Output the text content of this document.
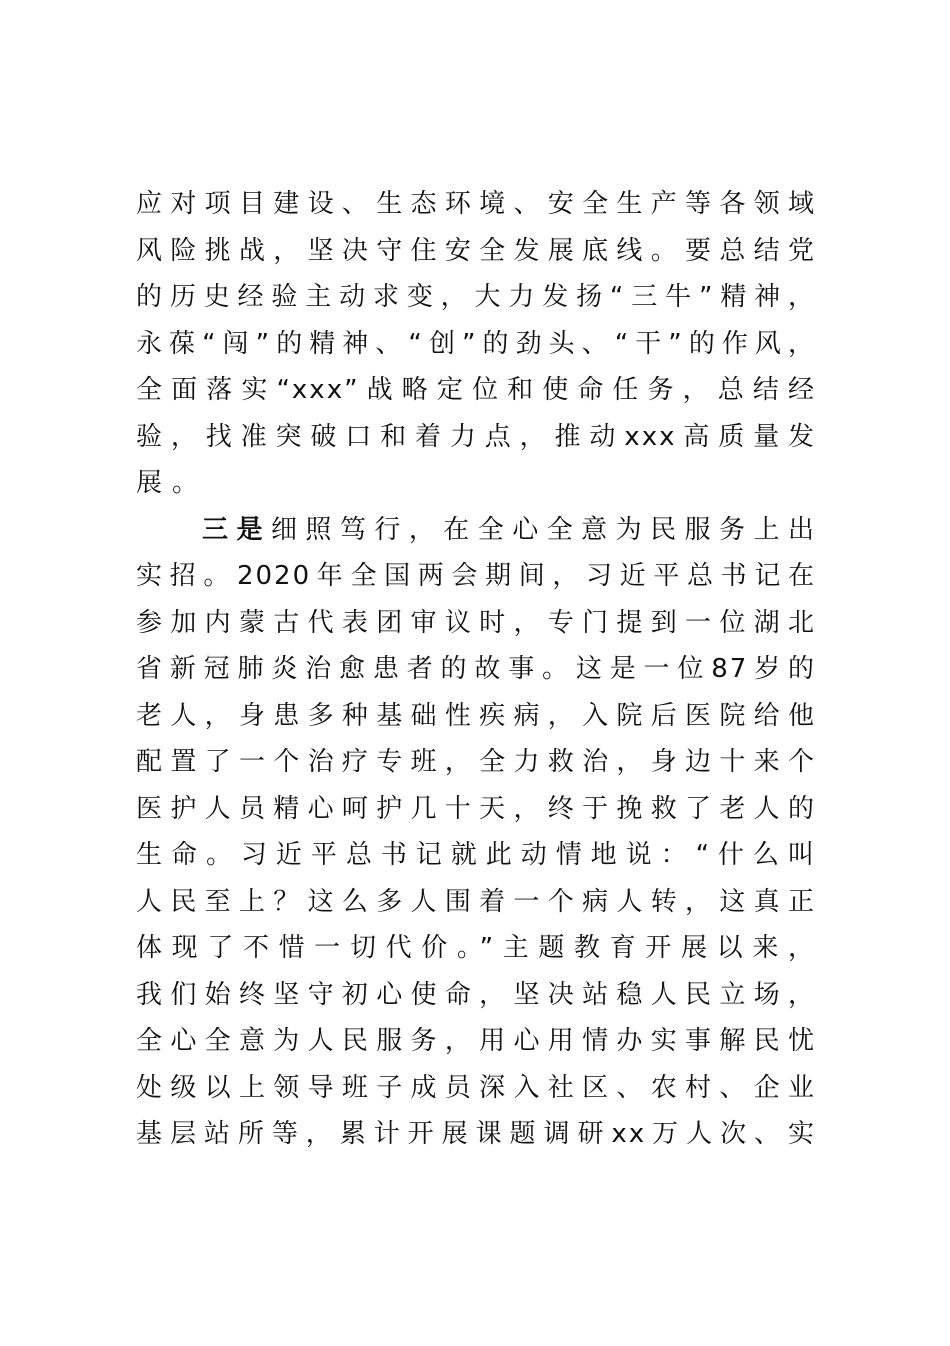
应对项目建设、生态环境、安全生产等各领域
风险挑战，坚决守住安全发展底线。要总结党
的历史经验主动求变，大力发扬“三牛”精神，
永葆“闯”的精神、“创”的劲头、“干”的作风，
全面落实“xxx”战略定位和使命任务，总结经
验，找准突破口和着力点，推动xxx高质量发
展。
三是细照笃行，在全心全意为民服务上出
实招。2020年全国两会期间，习近平总书记在
参加内蒙古代表团审议时，专门提到一位湖北
省新冠肺炎治愈患者的故事。这是一位87岁的
老人，身患多种基础性疾病，入院后医院给他
配置了一个治疗专班，全力救治，身边十来个
医护人员精心呵护几十天，终于挽救了老人的
生命。习近平总书记就此动情地说：“什么叫
人民至上？这么多人围着一个病人转，这真正
体现了不惜一切代价。”主题教育开展以来，
我们始终坚守初心使命，坚决站稳人民立场，
全心全意为人民服务，用心用情办实事解民忧
处级以上领导班子成员深入社区、农村、企业
基层站所等，累计开展课题调研xx万人次、实
